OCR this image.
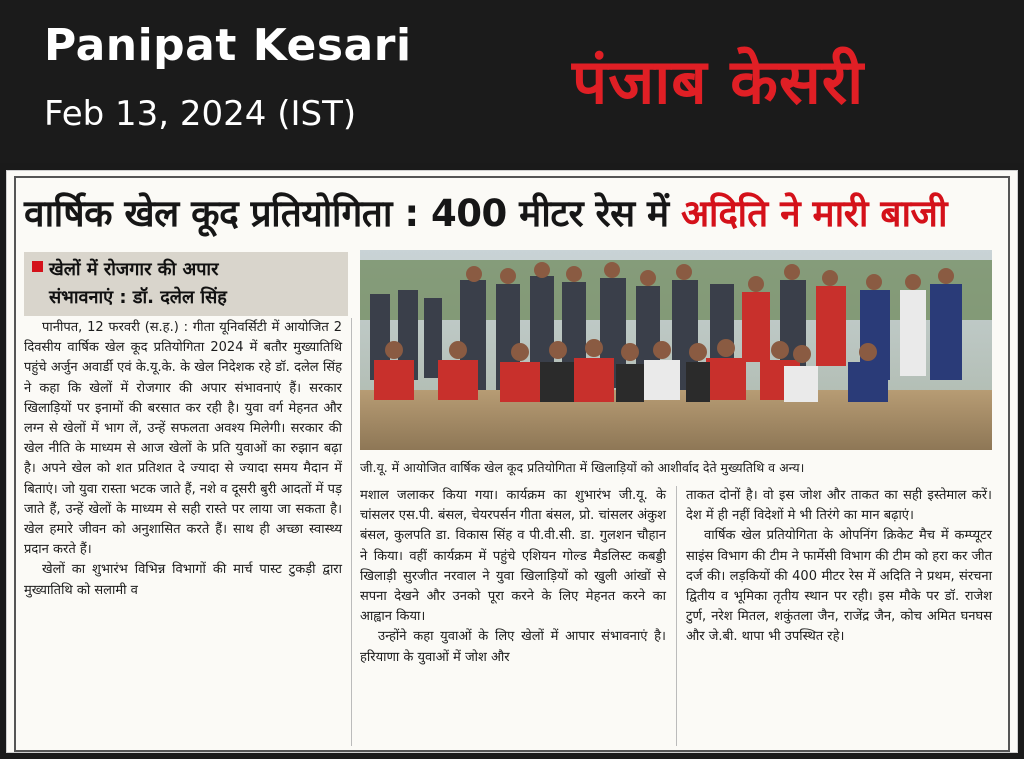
Panipat Kesari
Feb 13, 2024 (IST)	पंजाब केसरी
वार्षिक खेल कूद प्रतियोगिता : 400 मीटर रेस में अदिति ने मारी बाजी
खेलों में रोजगार की अपार
संभावनाएं : डॉ. दलेल सिंह
जी.यू. में आयोजित वार्षिक खेल कूद प्रतियोगिता में खिलाड़ियों को आशीर्वाद देते मुख्यतिथि व अन्य।

पानीपत, 12 फरवरी (स.ह.) : गीता यूनिवर्सिटी में आयोजित 2 दिवसीय वार्षिक खेल कूद प्रतियोगिता 2024 में बतौर मुख्यातिथि पहुंचे अर्जुन अवार्डी एवं के.यू.के. के खेल निदेशक रहे डॉ. दलेल सिंह ने कहा कि खेलों में रोजगार की अपार संभावनाएं हैं। सरकार खिलाड़ियों पर इनामों की बरसात कर रही है। युवा वर्ग मेहनत और लग्न से खेलों में भाग लें, उन्हें सफलता अवश्य मिलेगी। सरकार की खेल नीति के माध्यम से आज खेलों के प्रति युवाओं का रुझान बढ़ा है। अपने खेल को शत प्रतिशत दे ज्यादा से ज्यादा समय मैदान में बिताएं। जो युवा रास्ता भटक जाते हैं, नशे व दूसरी बुरी आदतों में पड़ जाते हैं, उन्हें खेलों के माध्यम से सही रास्ते पर लाया जा सकता है। खेल हमारे जीवन को अनुशासित करते हैं। साथ ही अच्छा स्वास्थ्य प्रदान करते हैं।

खेलों का शुभारंभ विभिन्न विभागों की मार्च पास्ट टुकड़ी द्वारा मुख्यातिथि को सलामी व

मशाल जलाकर किया गया। कार्यक्रम का शुभारंभ जी.यू. के चांसलर एस.पी. बंसल, चेयरपर्सन गीता बंसल, प्रो. चांसलर अंकुश बंसल, कुलपति डा. विकास सिंह व पी.वी.सी. डा. गुलशन चौहान ने किया। वहीं कार्यक्रम में पहुंचे एशियन गोल्ड मैडलिस्ट कबड्डी खिलाड़ी सुरजीत नरवाल ने युवा खिलाड़ियों को खुली आंखों से सपना देखने और उनको पूरा करने के लिए मेहनत करने का आह्वान किया।

उन्होंने कहा युवाओं के लिए खेलों में आपार संभावनाएं है। हरियाणा के युवाओं में जोश और

ताकत दोनों है। वो इस जोश और ताकत का सही इस्तेमाल करें। देश में ही नहीं विदेशों मे भी तिरंगे का मान बढ़ाएं।

वार्षिक खेल प्रतियोगिता के ओपनिंग क्रिकेट मैच में कम्प्यूटर साइंस विभाग की टीम ने फार्मेसी विभाग की टीम को हरा कर जीत दर्ज की। लड़कियों की 400 मीटर रेस में अदिति ने प्रथम, संरचना द्वितीय व भूमिका तृतीय स्थान पर रही। इस मौके पर डॉ. राजेश टुर्ण, नरेश मितल, शकुंतला जैन, राजेंद्र जैन, कोच अमित घनघस और जे.बी. थापा भी उपस्थित रहे।
